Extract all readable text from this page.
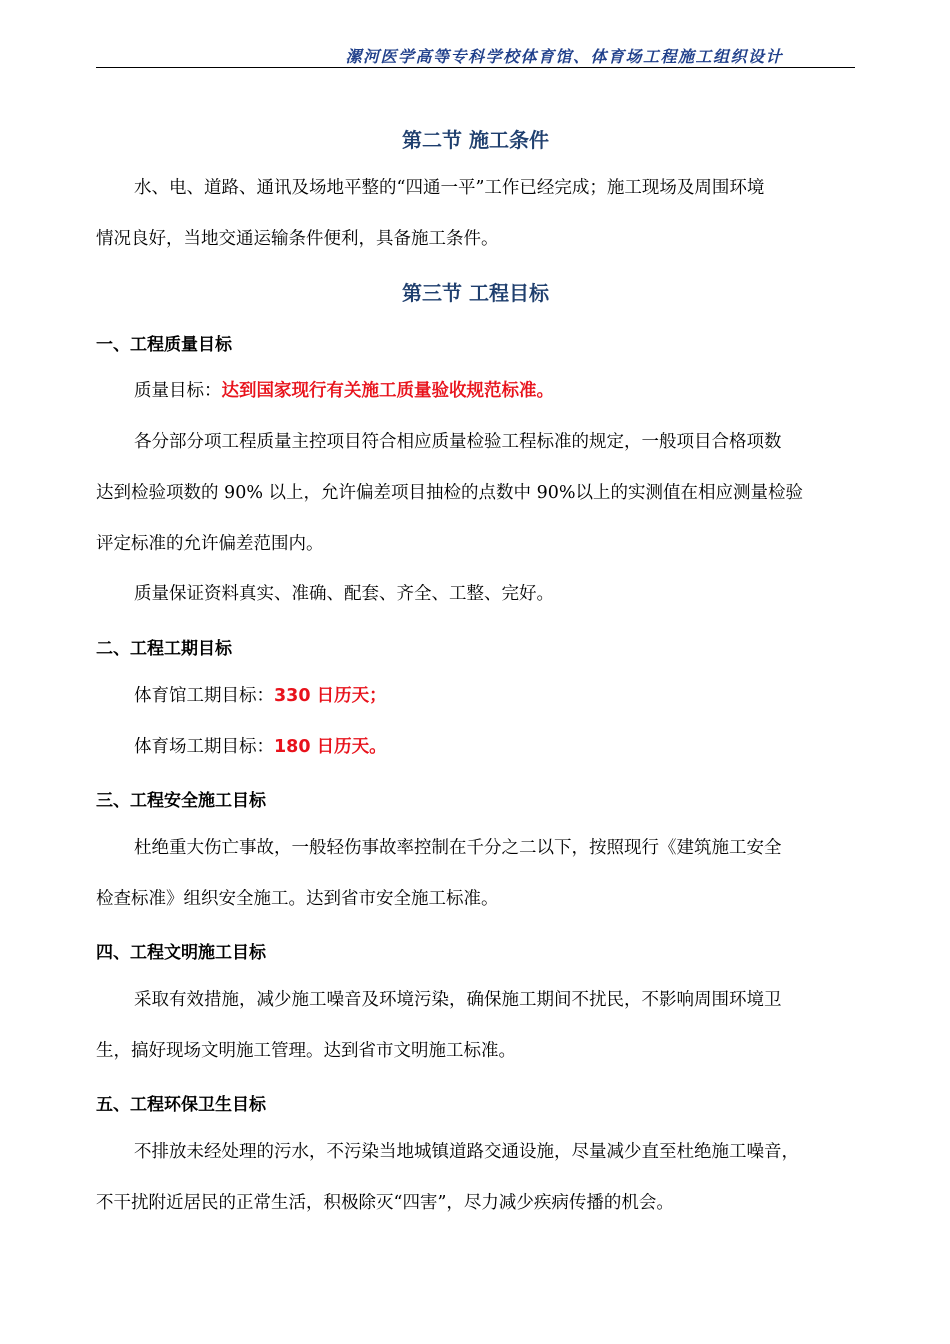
漯河医学高等专科学校体育馆、体育场工程施工组织设计
第二节 施工条件
水、电、道路、通讯及场地平整的“四通一平”工作已经完成；施工现场及周围环境
情况良好，当地交通运输条件便利，具备施工条件。
第三节 工程目标
一、工程质量目标
质量目标：达到国家现行有关施工质量验收规范标准。
各分部分项工程质量主控项目符合相应质量检验工程标准的规定，一般项目合格项数
达到检验项数的 90% 以上，允许偏差项目抽检的点数中 90%以上的实测值在相应测量检验
评定标准的允许偏差范围内。
质量保证资料真实、准确、配套、齐全、工整、完好。
二、工程工期目标
体育馆工期目标：330 日历天；
体育场工期目标：180 日历天。
三、工程安全施工目标
杜绝重大伤亡事故，一般轻伤事故率控制在千分之二以下，按照现行《建筑施工安全
检查标准》组织安全施工。达到省市安全施工标准。
四、工程文明施工目标
采取有效措施，减少施工噪音及环境污染，确保施工期间不扰民，不影响周围环境卫
生，搞好现场文明施工管理。达到省市文明施工标准。
五、工程环保卫生目标
不排放未经处理的污水，不污染当地城镇道路交通设施，尽量减少直至杜绝施工噪音，
不干扰附近居民的正常生活，积极除灭“四害”，尽力减少疾病传播的机会。
